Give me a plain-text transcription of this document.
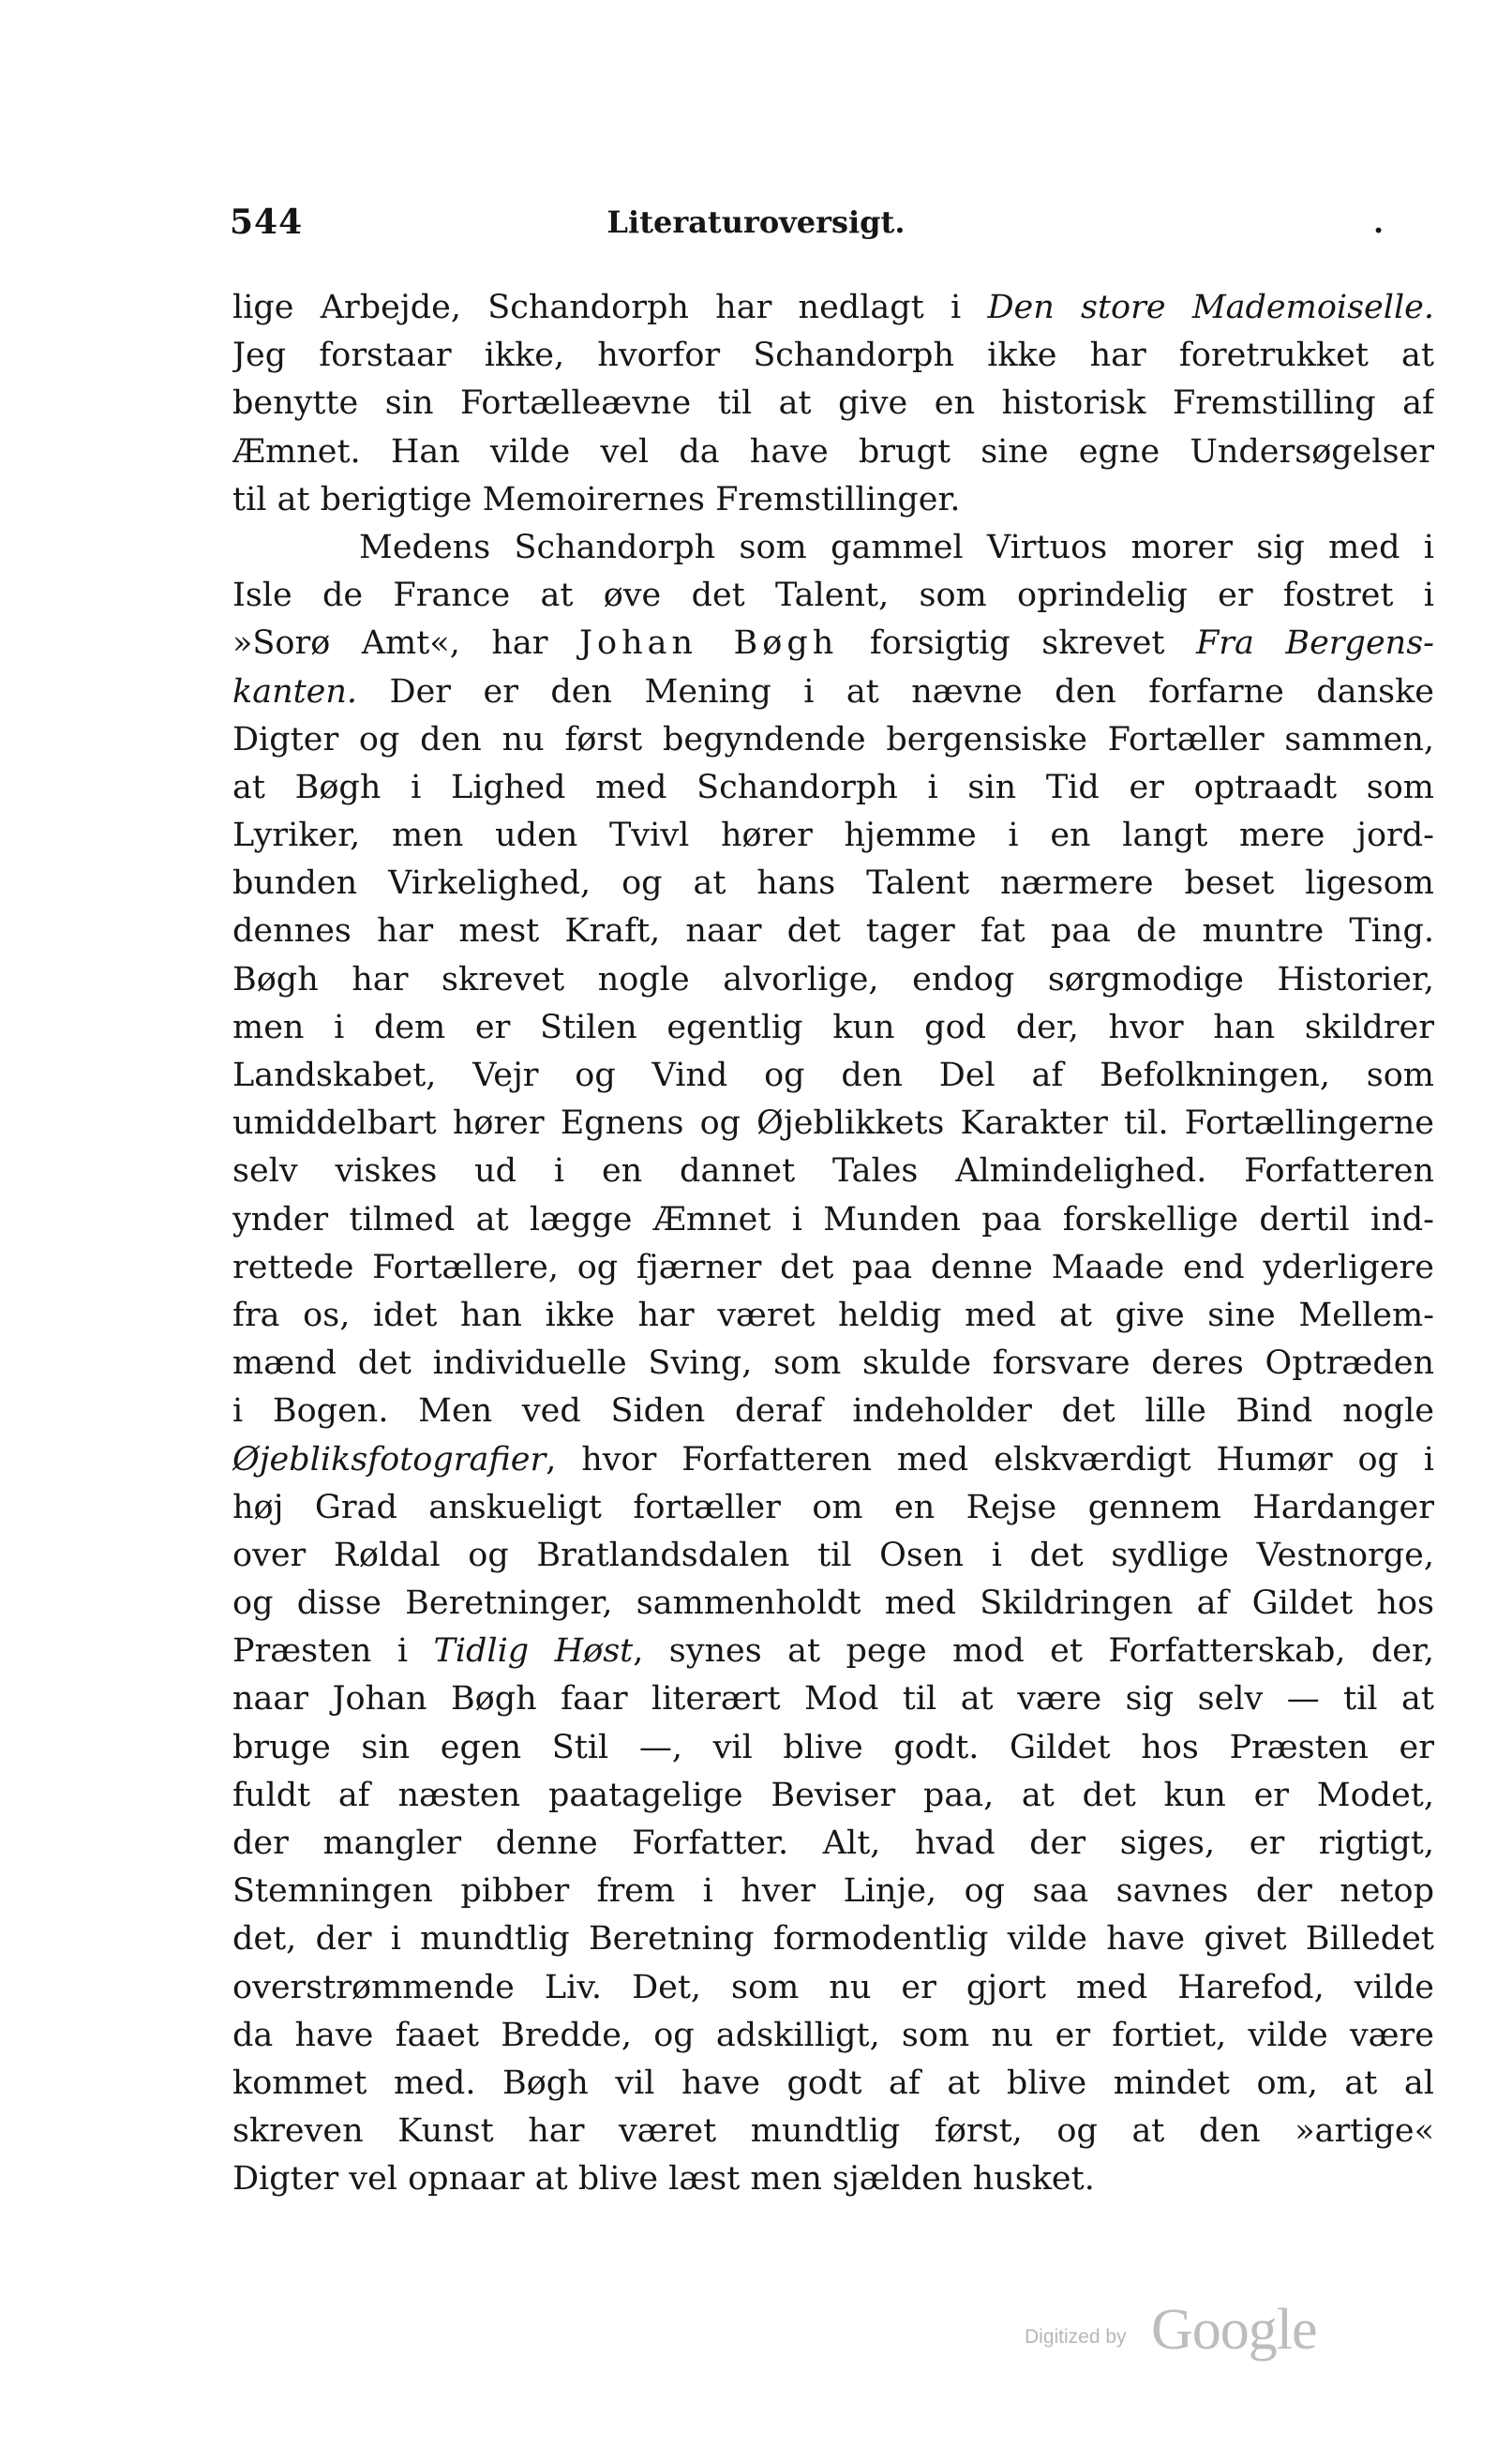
544	Literaturoversigt.	.
lige Arbejde, Schandorph har nedlagt i Den store Mademoiselle.
Jeg forstaar ikke, hvorfor Schandorph ikke har foretrukket at
benytte sin Fortælleævne til at give en historisk Fremstilling af
Æmnet. Han vilde vel da have brugt sine egne Undersøgelser
til at berigtige Memoirernes Fremstillinger.
Medens Schandorph som gammel Virtuos morer sig med i
Isle de France at øve det Talent, som oprindelig er fostret i
»Sorø Amt«, har Johan Bøgh forsigtig skrevet Fra Bergens-
kanten. Der er den Mening i at nævne den forfarne danske
Digter og den nu først begyndende bergensiske Fortæller sammen,
at Bøgh i Lighed med Schandorph i sin Tid er optraadt som
Lyriker, men uden Tvivl hører hjemme i en langt mere jord-
bunden Virkelighed, og at hans Talent nærmere beset ligesom
dennes har mest Kraft, naar det tager fat paa de muntre Ting.
Bøgh har skrevet nogle alvorlige, endog sørgmodige Historier,
men i dem er Stilen egentlig kun god der, hvor han skildrer
Landskabet, Vejr og Vind og den Del af Befolkningen, som
umiddelbart hører Egnens og Øjeblikkets Karakter til. Fortællingerne
selv viskes ud i en dannet Tales Almindelighed. Forfatteren
ynder tilmed at lægge Æmnet i Munden paa forskellige dertil ind-
rettede Fortællere, og fjærner det paa denne Maade end yderligere
fra os, idet han ikke har været heldig med at give sine Mellem-
mænd det individuelle Sving, som skulde forsvare deres Optræden
i Bogen. Men ved Siden deraf indeholder det lille Bind nogle
Øjebliksfotografier, hvor Forfatteren med elskværdigt Humør og i
høj Grad anskueligt fortæller om en Rejse gennem Hardanger
over Røldal og Bratlandsdalen til Osen i det sydlige Vestnorge,
og disse Beretninger, sammenholdt med Skildringen af Gildet hos
Præsten i Tidlig Høst, synes at pege mod et Forfatterskab, der,
naar Johan Bøgh faar literært Mod til at være sig selv — til at
bruge sin egen Stil —, vil blive godt. Gildet hos Præsten er
fuldt af næsten paatagelige Beviser paa, at det kun er Modet,
der mangler denne Forfatter. Alt, hvad der siges, er rigtigt,
Stemningen pibber frem i hver Linje, og saa savnes der netop
det, der i mundtlig Beretning formodentlig vilde have givet Billedet
overstrømmende Liv. Det, som nu er gjort med Harefod, vilde
da have faaet Bredde, og adskilligt, som nu er fortiet, vilde være
kommet med. Bøgh vil have godt af at blive mindet om, at al
skreven Kunst har været mundtlig først, og at den »artige«
Digter vel opnaar at blive læst men sjælden husket.
Digitized by Google
